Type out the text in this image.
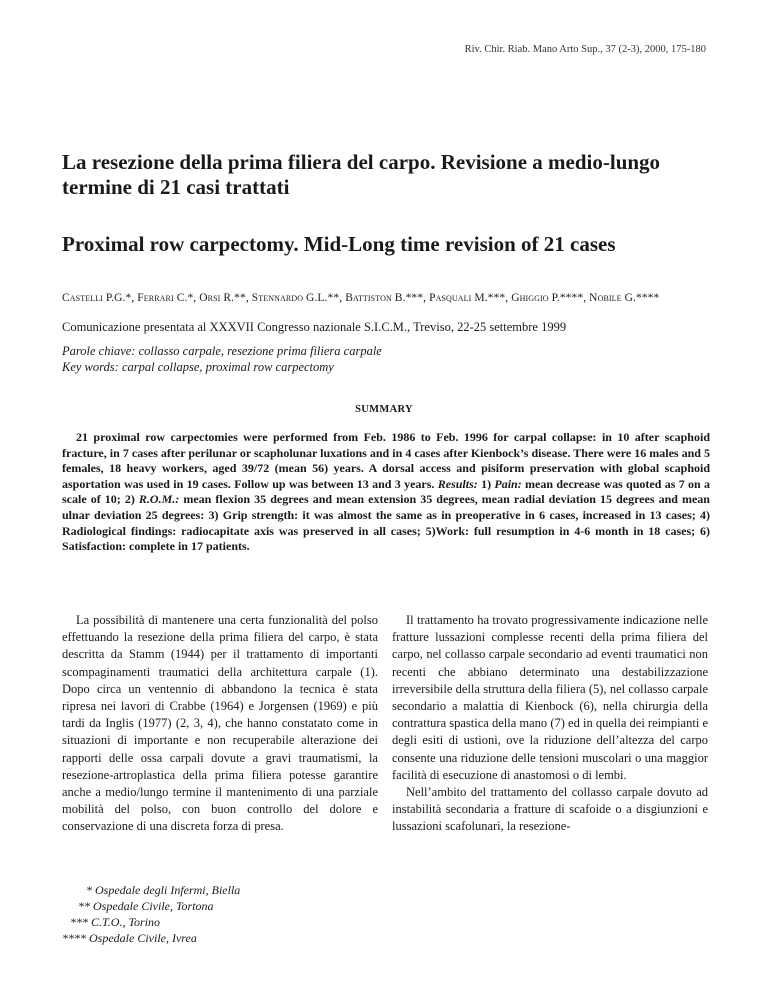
Riv. Chir. Riab. Mano Arto Sup., 37 (2-3), 2000, 175-180
La resezione della prima filiera del carpo. Revisione a medio-lungo termine di 21 casi trattati
Proximal row carpectomy. Mid-Long time revision of 21 cases
Castelli P.G.*, Ferrari C.*, Orsi R.**, Stennardo G.L.**, Battiston B.***, Pasquali M.***, Ghiggio P.****, Nobile G.****
Comunicazione presentata al XXXVII Congresso nazionale S.I.C.M., Treviso, 22-25 settembre 1999
Parole chiave: collasso carpale, resezione prima filiera carpale
Key words: carpal collapse, proximal row carpectomy
SUMMARY
21 proximal row carpectomies were performed from Feb. 1986 to Feb. 1996 for carpal collapse: in 10 after scaphoid fracture, in 7 cases after perilunar or scapholunar luxations and in 4 cases after Kienbock’s disease. There were 16 males and 5 females, 18 heavy workers, aged 39/72 (mean 56) years. A dorsal access and pisiform preservation with global scaphoid asportation was used in 19 cases. Follow up was between 13 and 3 years. Results: 1) Pain: mean decrease was quoted as 7 on a scale of 10; 2) R.O.M.: mean flexion 35 degrees and mean extension 35 degrees, mean radial deviation 15 degrees and mean ulnar deviation 25 degrees: 3) Grip strength: it was almost the same as in preoperative in 6 cases, increased in 13 cases; 4) Radiological findings: radiocapitate axis was preserved in all cases; 5)Work: full resumption in 4-6 month in 18 cases; 6) Satisfaction: complete in 17 patients.

La possibilità di mantenere una certa funzionalità del polso effettuando la resezione della prima filiera del carpo, è stata descritta da Stamm (1944) per il trattamento di importanti scompaginamenti traumatici della architettura carpale (1). Dopo circa un ventennio di abbandono la tecnica è stata ripresa nei lavori di Crabbe (1964) e Jorgensen (1969) e più tardi da Inglis (1977) (2, 3, 4), che hanno constatato come in situazioni di importante e non recuperabile alterazione dei rapporti delle ossa carpali dovute a gravi traumatismi, la resezione-artroplastica della prima filiera potesse garantire anche a medio/lungo termine il mantenimento di una parziale mobilità del polso, con buon controllo del dolore e conservazione di una discreta forza di presa.

Il trattamento ha trovato progressivamente indicazione nelle fratture lussazioni complesse recenti della prima filiera del carpo, nel collasso carpale secondario ad eventi traumatici non recenti che abbiano determinato una destabilizzazione irreversibile della struttura della filiera (5), nel collasso carpale secondario a malattia di Kienbock (6), nella chirurgia della contrattura spastica della mano (7) ed in quella dei reimpianti e degli esiti di ustioni, ove la riduzione dell’altezza del carpo consente una riduzione delle tensioni muscolari o una maggior facilità di esecuzione di anastomosi o di lembi.

Nell’ambito del trattamento del collasso carpale dovuto ad instabilità secondaria a fratture di scafoide o a disgiunzioni e lussazioni scafolunari, la resezione-

* Ospedale degli Infermi, Biella
** Ospedale Civile, Tortona
*** C.T.O., Torino
**** Ospedale Civile, Ivrea
